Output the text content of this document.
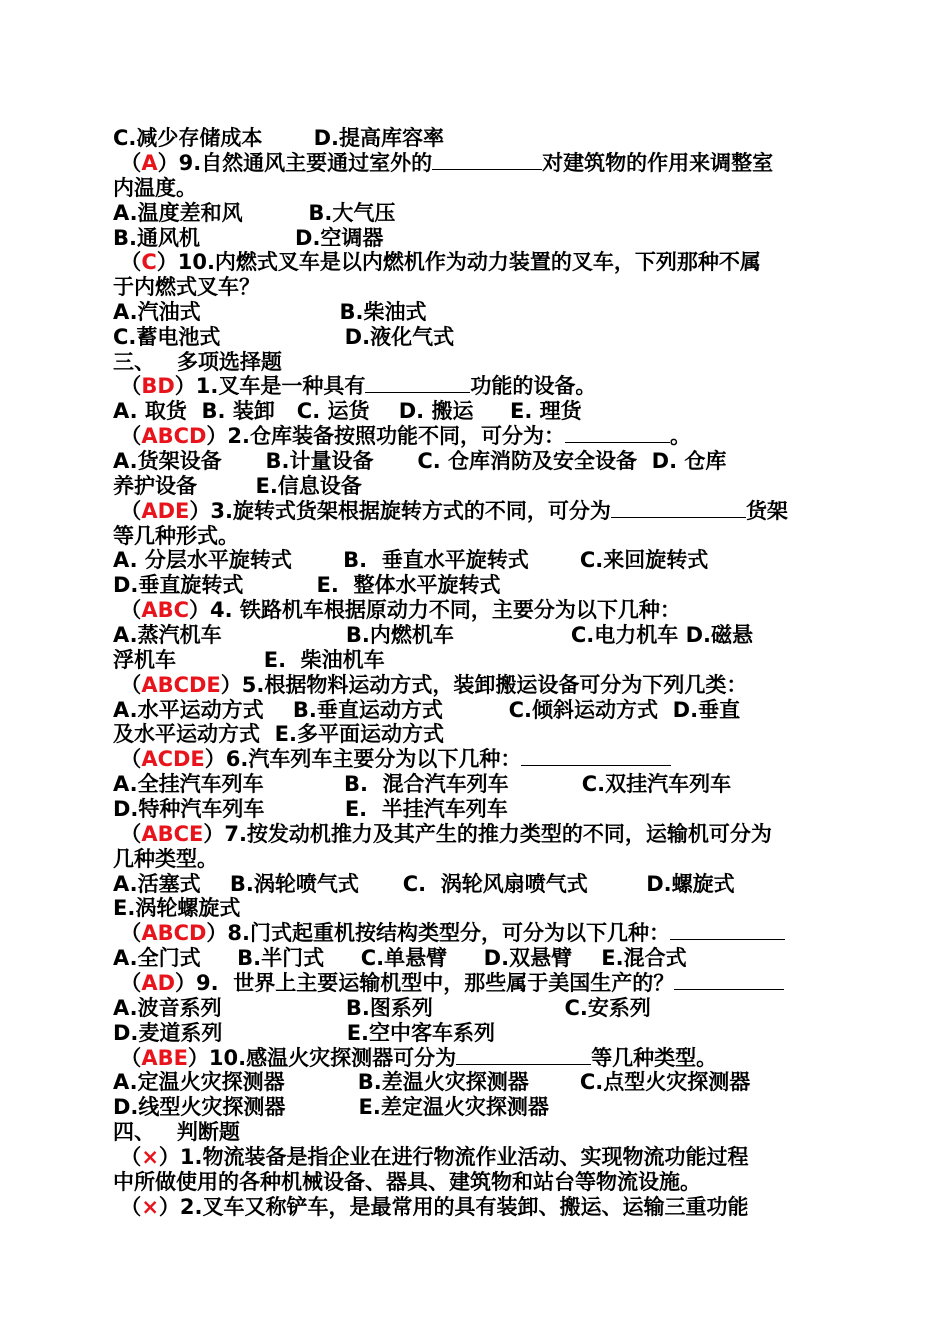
C.减少存储成本       D.提高库容率
（A）9.自然通风主要通过室外的	对建筑物的作用来调整室
内温度。
A.温度差和风         B.大气压
B.通风机             D.空调器
（C）10.内燃式叉车是以内燃机作为动力装置的叉车，下列那种不属
于内燃式叉车？
A.汽油式                   B.柴油式
C.蓄电池式                 D.液化气式
三、   多项选择题
（BD）1.叉车是一种具有	功能的设备。
A. 取货  B. 装卸   C. 运货    D. 搬运     E. 理货
（ABCD）2.仓库装备按照功能不同，可分为：	。
A.货架设备      B.计量设备      C. 仓库消防及安全设备  D. 仓库
养护设备        E.信息设备
（ADE）3.旋转式货架根据旋转方式的不同，可分为	货架
等几种形式。
A. 分层水平旋转式       B.  垂直水平旋转式       C.来回旋转式
D.垂直旋转式          E.  整体水平旋转式
（ABC）4. 铁路机车根据原动力不同，主要分为以下几种：
A.蒸汽机车                 B.内燃机车                C.电力机车 D.磁悬
浮机车            E.  柴油机车
（ABCDE）5.根据物料运动方式，装卸搬运设备可分为下列几类：
A.水平运动方式    B.垂直运动方式         C.倾斜运动方式  D.垂直
及水平运动方式  E.多平面运动方式
（ACDE）6.汽车列车主要分为以下几种：
A.全挂汽车列车           B.  混合汽车列车          C.双挂汽车列车
D.特种汽车列车           E.  半挂汽车列车
（ABCE）7.按发动机推力及其产生的推力类型的不同，运输机可分为
几种类型。
A.活塞式    B.涡轮喷气式      C.  涡轮风扇喷气式        D.螺旋式
E.涡轮螺旋式
（ABCD）8.门式起重机按结构类型分，可分为以下几种：
A.全门式     B.半门式     C.单悬臂     D.双悬臂    E.混合式
（AD）9.  世界上主要运输机型中，那些属于美国生产的？
A.波音系列                 B.图系列                  C.安系列
D.麦道系列                 E.空中客车系列
（ABE）10.感温火灾探测器可分为	等几种类型。
A.定温火灾探测器          B.差温火灾探测器       C.点型火灾探测器
D.线型火灾探测器          E.差定温火灾探测器
四、   判断题
（×）1.物流装备是指企业在进行物流作业活动、实现物流功能过程
中所做使用的各种机械设备、器具、建筑物和站台等物流设施。
（×）2.叉车又称铲车，是最常用的具有装卸、搬运、运输三重功能
